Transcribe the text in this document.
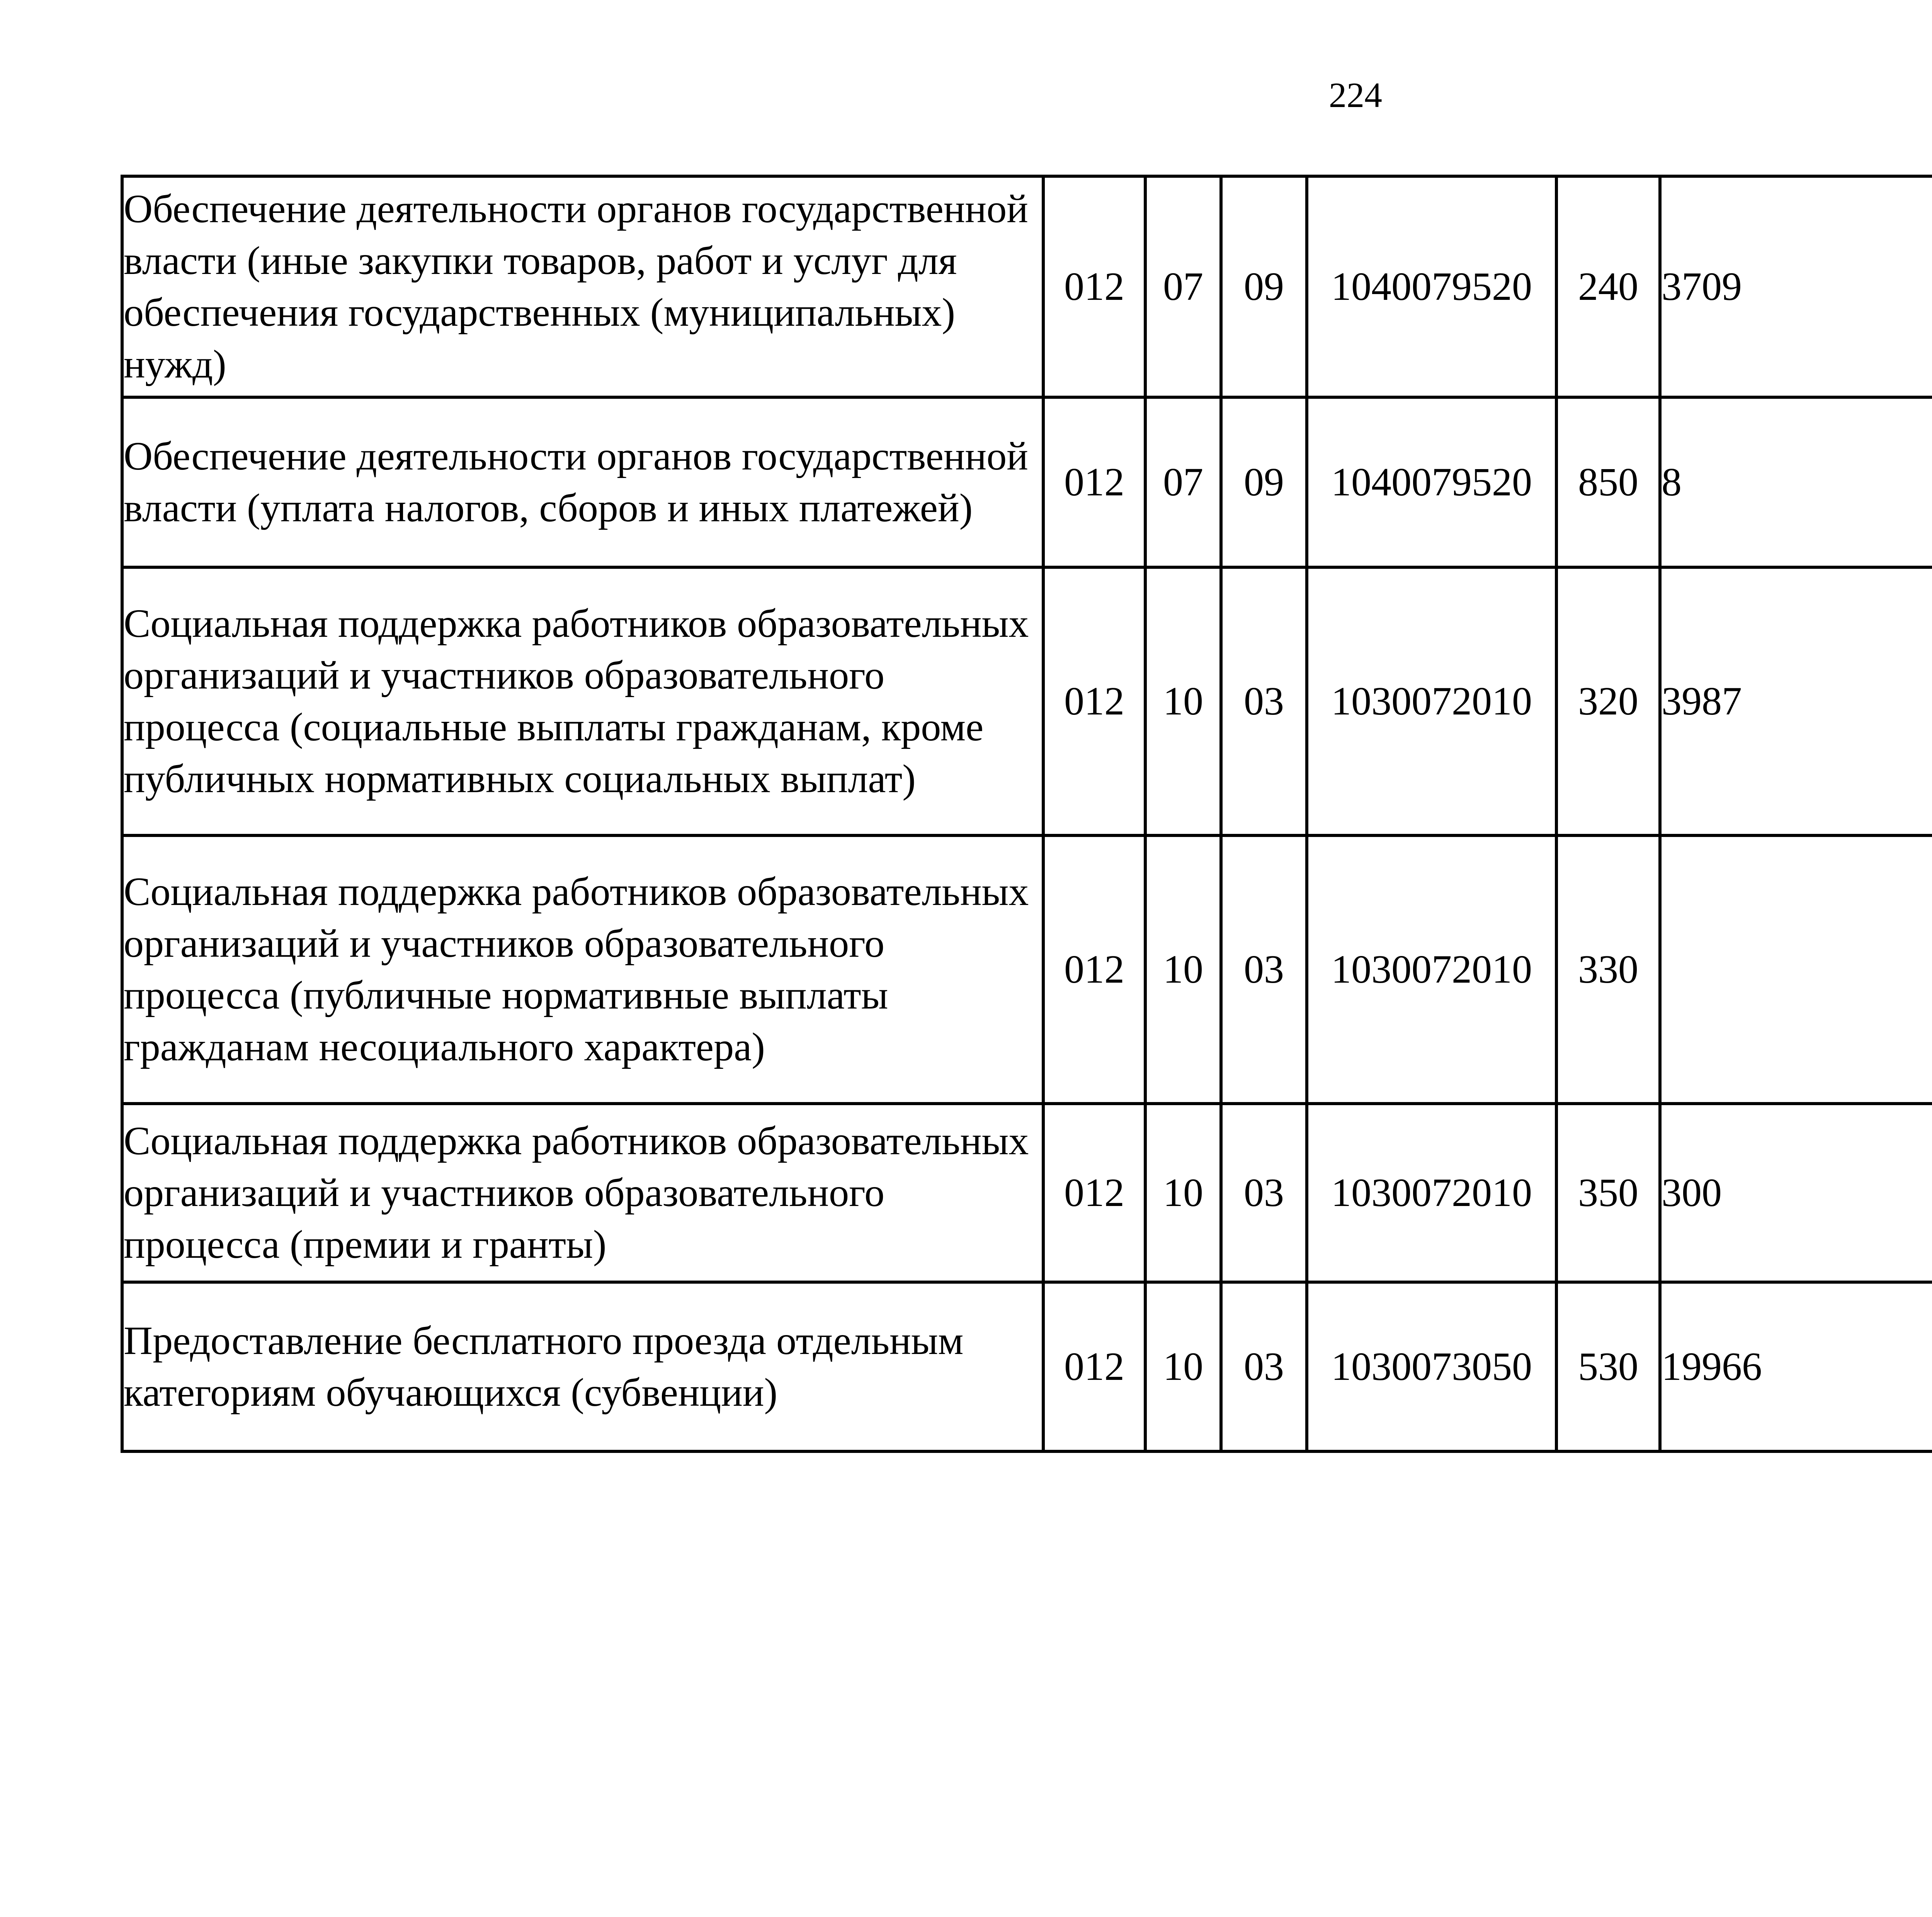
224
Обеспечение деятельности органов государственной власти (иные закупки товаров, работ и услуг для обеспечения государственных (муниципальных) нужд)	012	07	09	1040079520	240	3709		
Обеспечение деятельности органов государственной власти (уплата налогов, сборов и иных платежей)	012	07	09	1040079520	850	8		
Социальная поддержка работников образовательных организаций и участников образовательного процесса (социальные выплаты гражданам, кроме публичных нормативных социальных выплат)	012	10	03	1030072010	320	3987		
Социальная поддержка работников образовательных организаций и участников образовательного процесса (публичные нормативные выплаты гражданам несоциального характера)	012	10	03	1030072010	330			
Социальная поддержка работников образовательных организаций и участников образовательного процесса (премии и гранты)	012	10	03	1030072010	350	300		
Предоставление бесплатного проезда отдельным категориям обучающихся (субвенции)	012	10	03	1030073050	530	19966		
